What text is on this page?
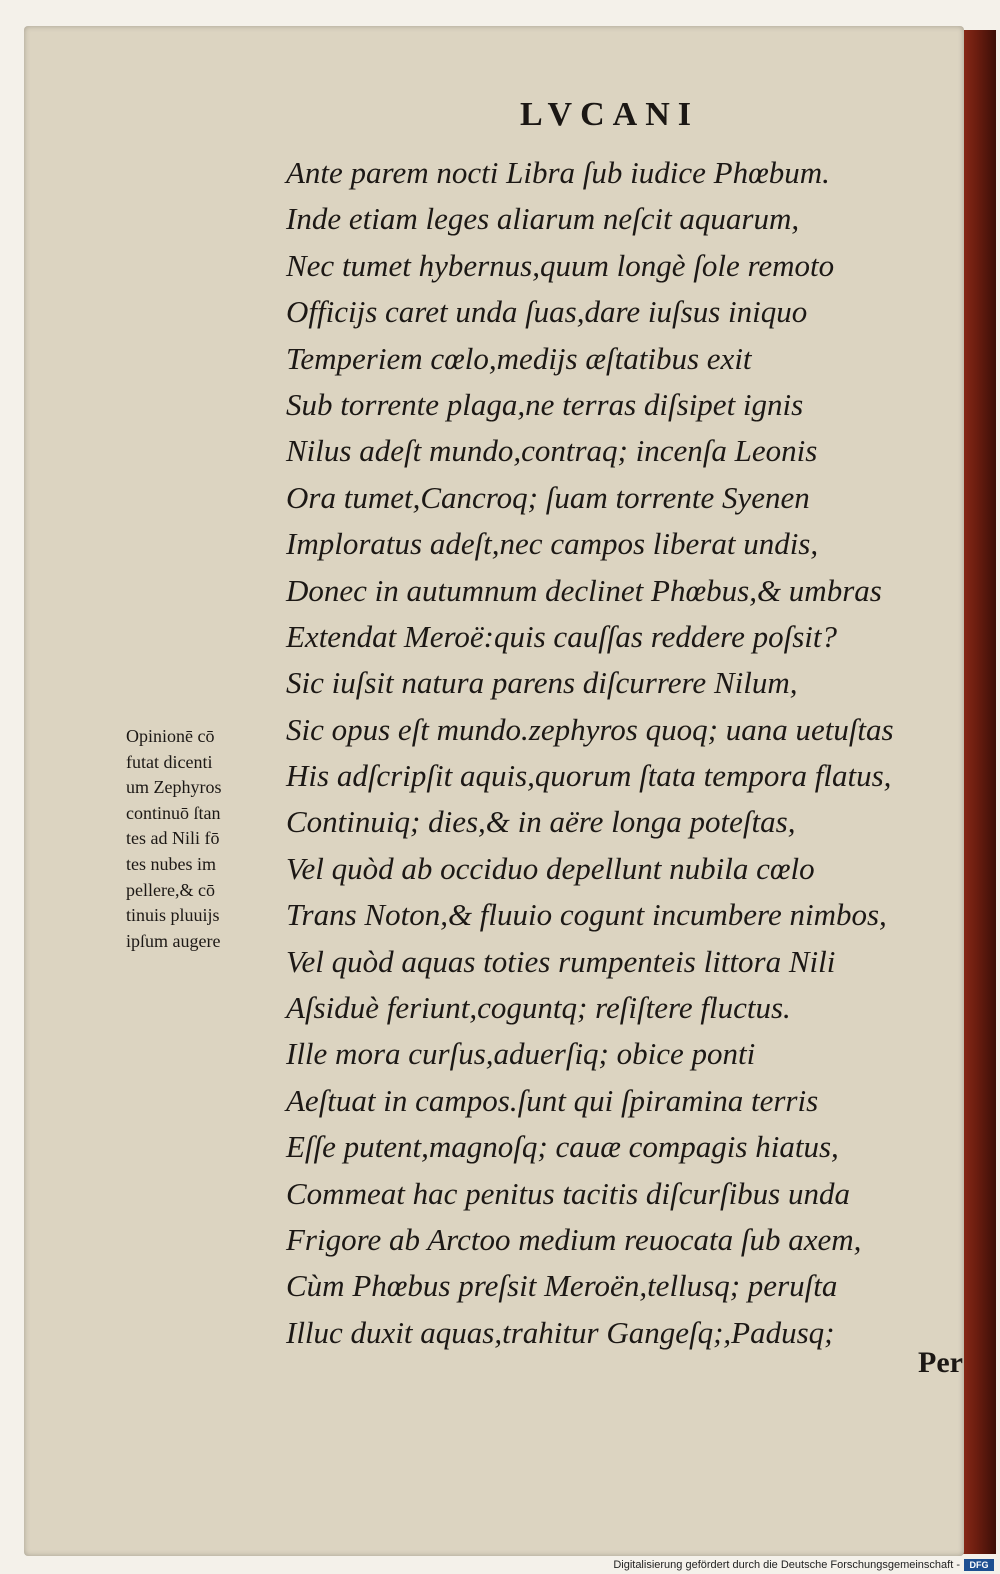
LVCANI
Ante parem nocti Libra ſub iudice Phœbum.
Inde etiam leges aliarum neſcit aquarum,
Nec tumet hybernus,quum longè ſole remoto
Officijs caret unda ſuas,dare iuſsus iniquo
Temperiem cœlo,medijs æſtatibus exit
Sub torrente plaga,ne terras diſsipet ignis
Nilus adeſt mundo,contraq; incenſa Leonis
Ora tumet,Cancroq; ſuam torrente Syenen
Imploratus adeſt,nec campos liberat undis,
Donec in autumnum declinet Phœbus,& umbras
Extendat Meroë:quis cauſſas reddere poſsit?
Sic iuſsit natura parens diſcurrere Nilum,
Sic opus eſt mundo.zephyros quoq; uana uetuſtas
His adſcripſit aquis,quorum ſtata tempora flatus,
Continuiq; dies,& in aëre longa poteſtas,
Vel quòd ab occiduo depellunt nubila cœlo
Trans Noton,& fluuio cogunt incumbere nimbos,
Vel quòd aquas toties rumpenteis littora Nili
Aſsiduè feriunt,coguntq; reſiſtere fluctus.
Ille mora curſus,aduerſiq; obice ponti
Aeſtuat in campos.ſunt qui ſpiramina terris
Eſſe putent,magnoſq; cauæ compagis hiatus,
Commeat hac penitus tacitis diſcurſibus unda
Frigore ab Arctoo medium reuocata ſub axem,
Cùm Phœbus preſsit Meroën,tellusq; peruſta
Illuc duxit aquas,trahitur Gangeſq;,Padusq;
Opinionē cō
futat dicenti
um Zephyros
continuō ſtan
tes ad Nili fō
tes nubes im
pellere,& cō
tinuis pluuijs
ipſum augere
Per
Digitalisierung gefördert durch die Deutsche Forschungsgemeinschaft -	DFG
